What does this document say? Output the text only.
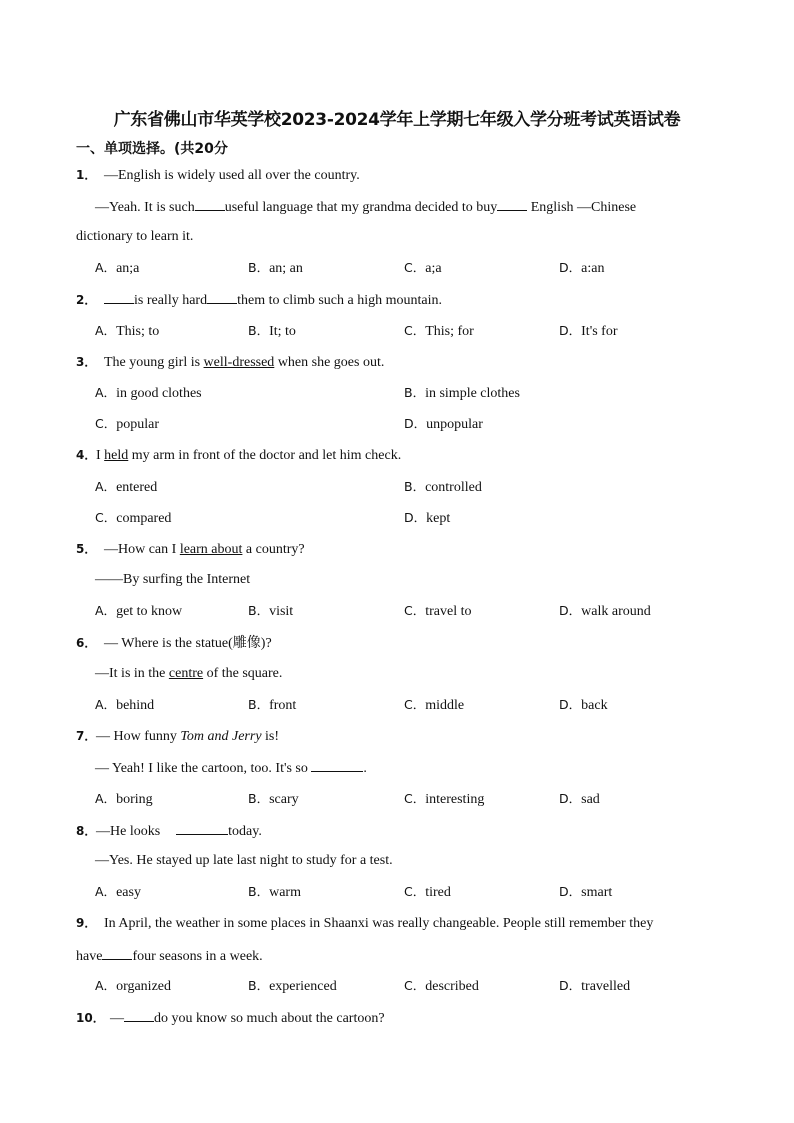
广东省佛山市华英学校2023-2024学年上学期七年级入学分班考试英语试卷
一、单项选择。(共20分
1． —English is widely used all over the country.
—Yeah. It is such useful language that my grandma decided to buy English —Chinese
dictionary to learn it.
A．an;a	B．an; an	C．a;a	D．a:an
2．	is really hard them to climb such a high mountain.
A．This; to	B．It; to	C．This; for	D．It's for
3． The young girl is well-dressed when she goes out.
A．in good clothes	B．in simple clothes
C．popular	D．unpopular
4．I held my arm in front of the doctor and let him check.
A．entered	B．controlled
C．compared	D．kept
5． —How can I learn about a country?
——By surfing the Internet
A．get to know	B．visit	C．travel to	D．walk around
6． — Where is the statue(雕像)?
—It is in the centre of the square.
A．behind	B．front	C．middle	D．back
7．— How funny Tom and Jerry is!
— Yeah! I like the cartoon, too. It's so	.
A．boring	B．scary	C．interesting	D．sad
8．—He looks	today.
—Yes. He stayed up late last night to study for a test.
A．easy	B．warm	C．tired	D．smart
9． In April, the weather in some places in Shaanxi was really changeable. People still remember they
have four seasons in a week.
A．organized	B．experienced	C．described	D．travelled
10． — do you know so much about the cartoon?
